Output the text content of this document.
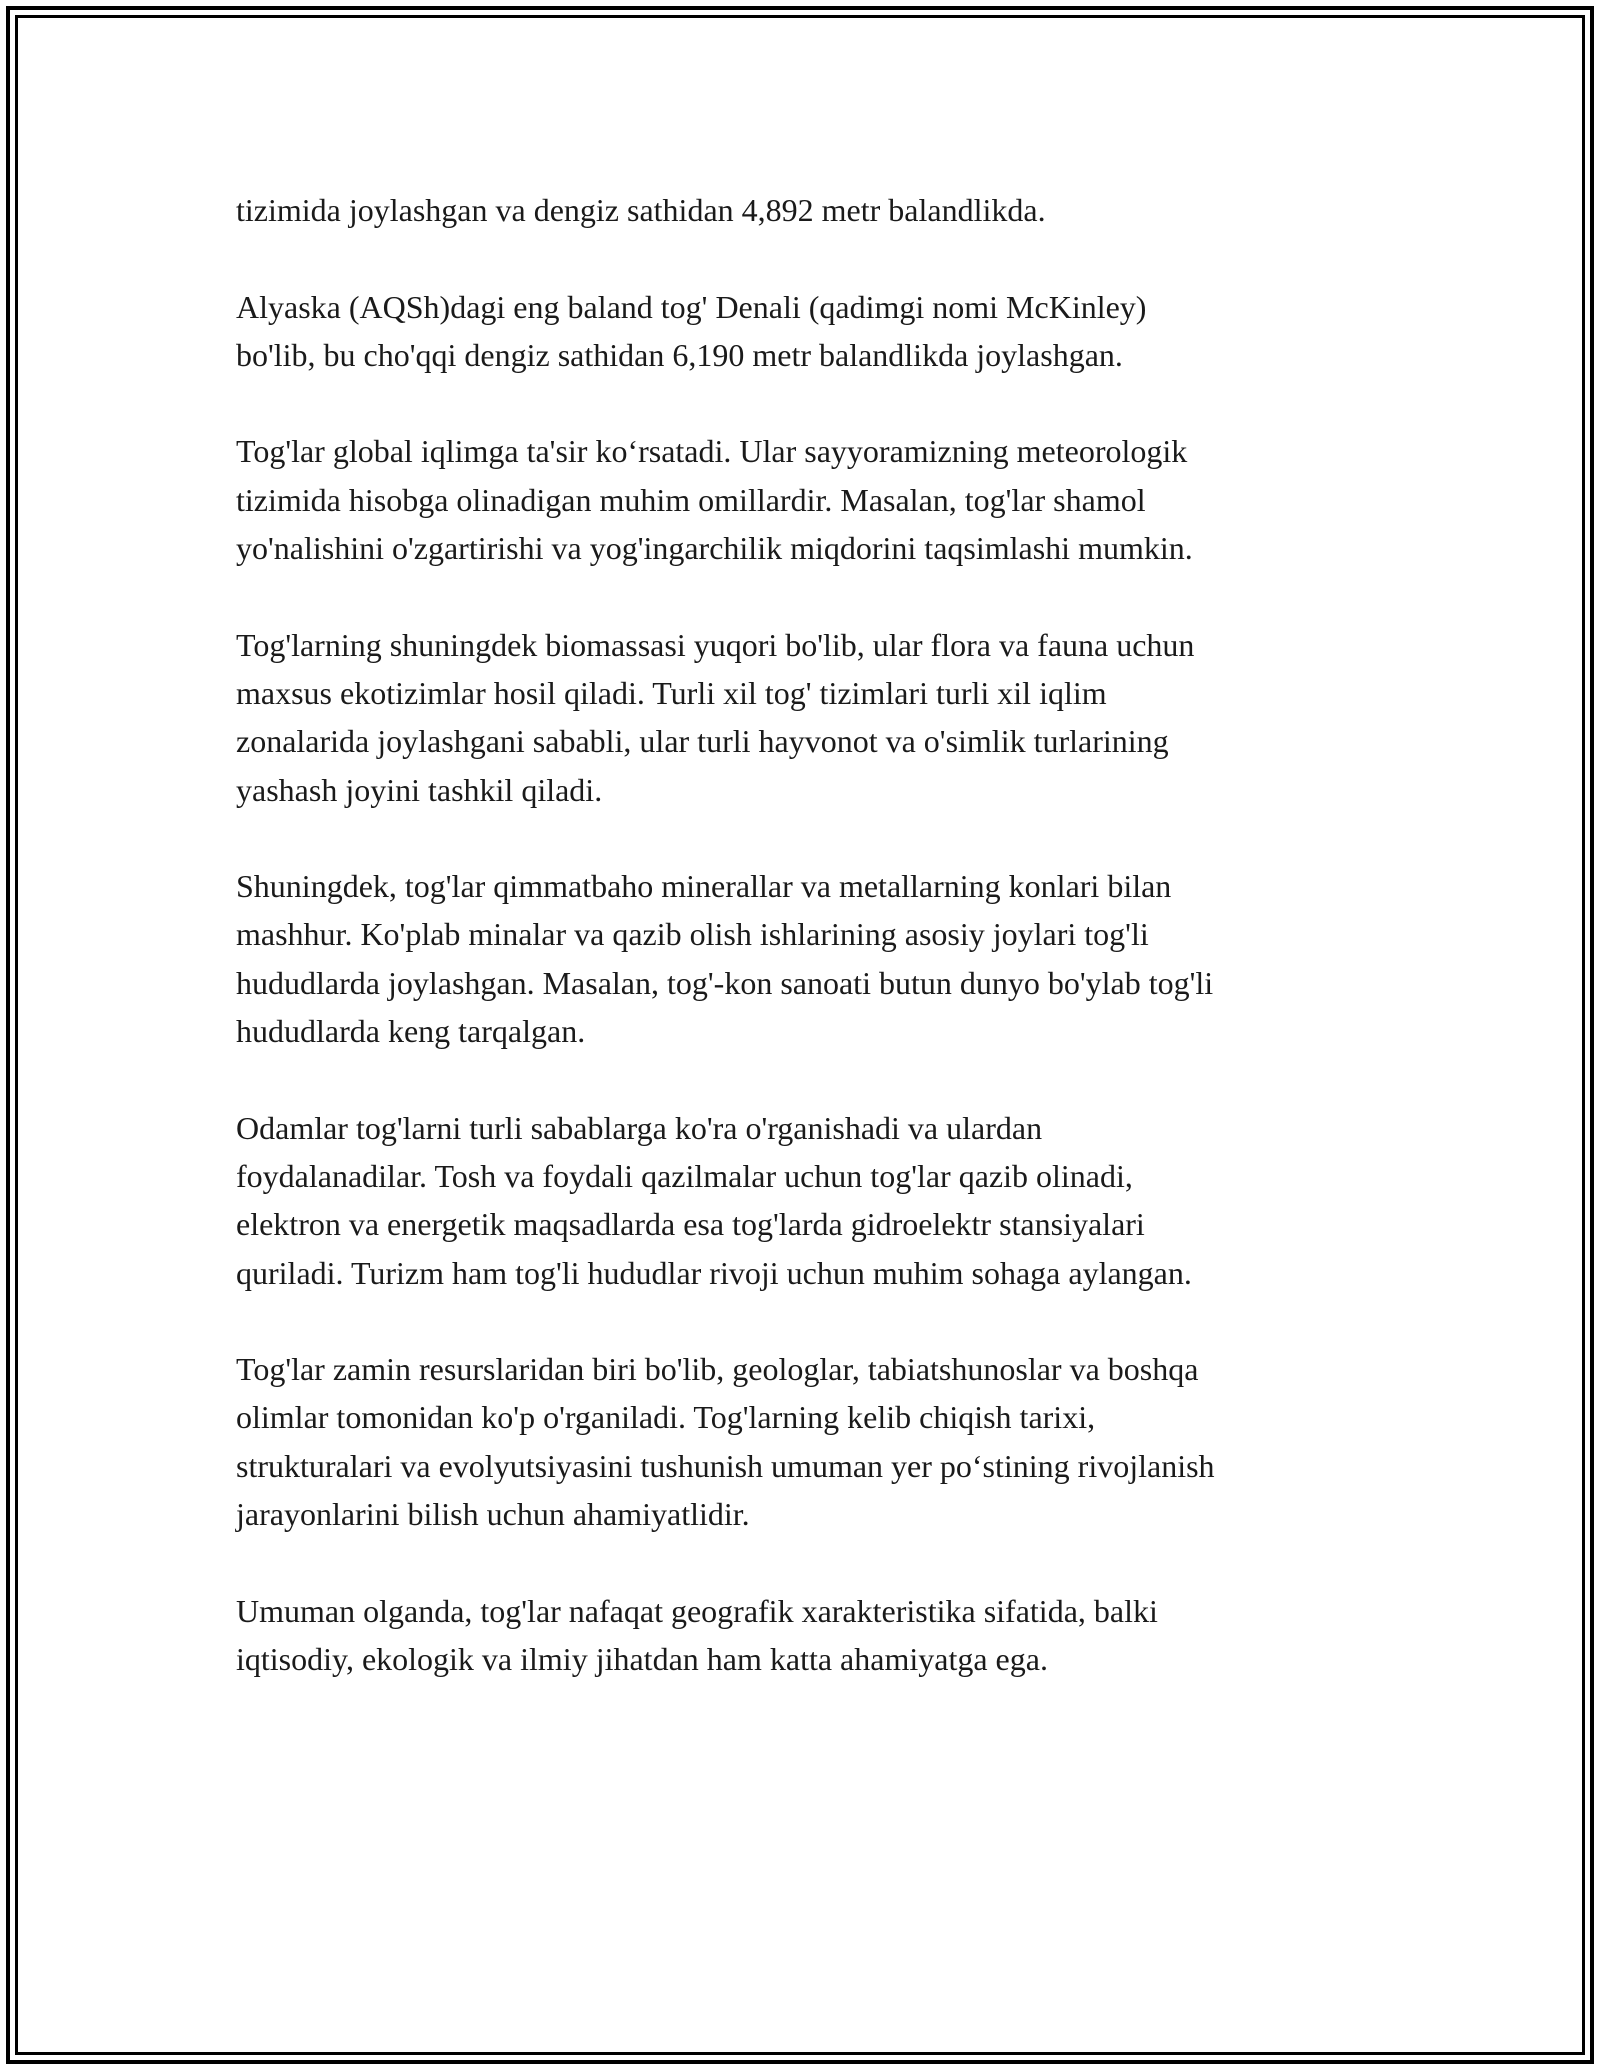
tizimida joylashgan va dengiz sathidan 4,892 metr balandlikda.

Alyaska (AQSh)dagi eng baland tog' Denali (qadimgi nomi McKinley)
bo'lib, bu cho'qqi dengiz sathidan 6,190 metr balandlikda joylashgan.

Tog'lar global iqlimga ta'sir ko‘rsatadi. Ular sayyoramizning meteorologik
tizimida hisobga olinadigan muhim omillardir. Masalan, tog'lar shamol
yo'nalishini o'zgartirishi va yog'ingarchilik miqdorini taqsimlashi mumkin.

Tog'larning shuningdek biomassasi yuqori bo'lib, ular flora va fauna uchun
maxsus ekotizimlar hosil qiladi. Turli xil tog' tizimlari turli xil iqlim
zonalarida joylashgani sababli, ular turli hayvonot va o'simlik turlarining
yashash joyini tashkil qiladi.

Shuningdek, tog'lar qimmatbaho minerallar va metallarning konlari bilan
mashhur. Ko'plab minalar va qazib olish ishlarining asosiy joylari tog'li
hududlarda joylashgan. Masalan, tog'-kon sanoati butun dunyo bo'ylab tog'li
hududlarda keng tarqalgan.

Odamlar tog'larni turli sabablarga ko'ra o'rganishadi va ulardan
foydalanadilar. Tosh va foydali qazilmalar uchun tog'lar qazib olinadi,
elektron va energetik maqsadlarda esa tog'larda gidroelektr stansiyalari
quriladi. Turizm ham tog'li hududlar rivoji uchun muhim sohaga aylangan.

Tog'lar zamin resurslaridan biri bo'lib, geologlar, tabiatshunoslar va boshqa
olimlar tomonidan ko'p o'rganiladi. Tog'larning kelib chiqish tarixi,
strukturalari va evolyutsiyasini tushunish umuman yer po‘stining rivojlanish
jarayonlarini bilish uchun ahamiyatlidir.

Umuman olganda, tog'lar nafaqat geografik xarakteristika sifatida, balki
iqtisodiy, ekologik va ilmiy jihatdan ham katta ahamiyatga ega.
